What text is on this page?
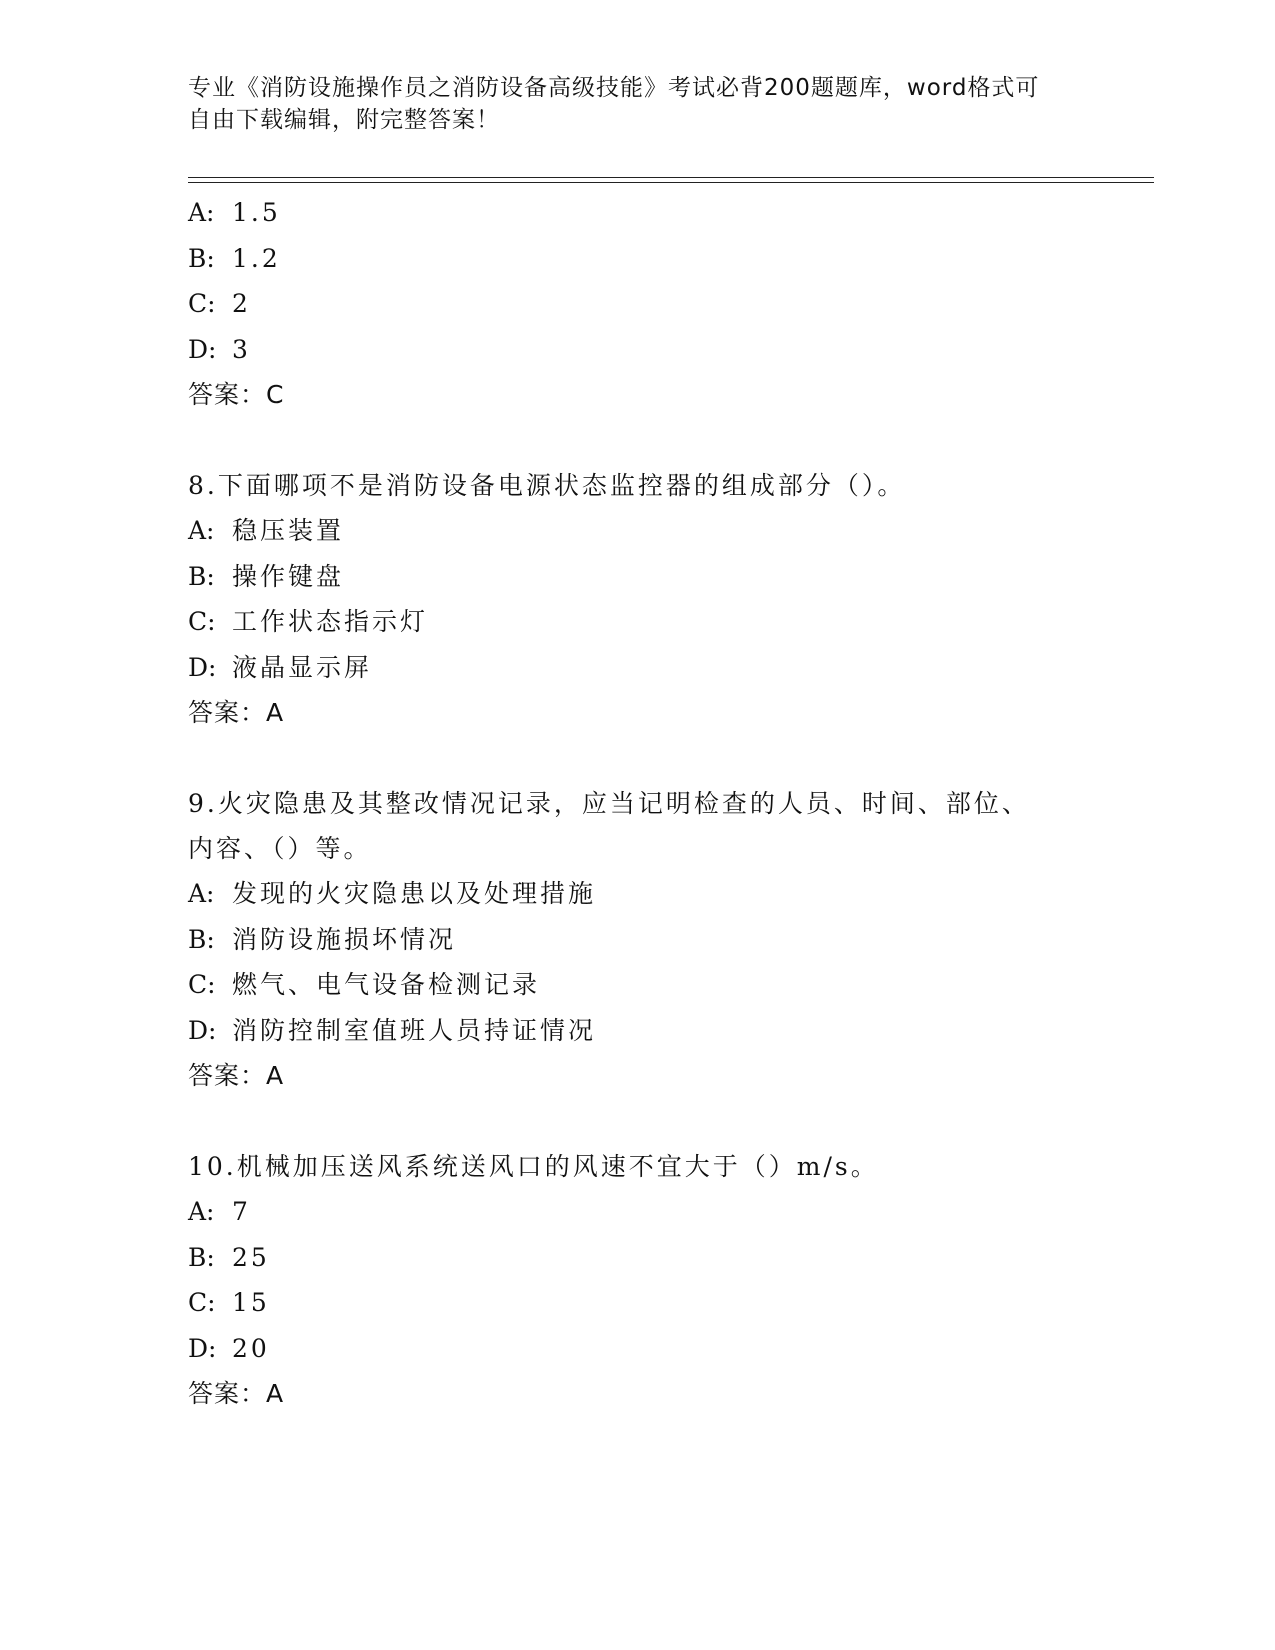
专业《消防设施操作员之消防设备高级技能》考试必背200题题库，word格式可
自由下载编辑，附完整答案！
A: 1.5
B: 1.2
C: 2
D: 3
答案：C
8.下面哪项不是消防设备电源状态监控器的组成部分（）。
A: 稳压装置
B: 操作键盘
C: 工作状态指示灯
D: 液晶显示屏
答案：A
9.火灾隐患及其整改情况记录，应当记明检查的人员、时间、部位、
内容、（）等。
A: 发现的火灾隐患以及处理措施
B: 消防设施损坏情况
C: 燃气、电气设备检测记录
D: 消防控制室值班人员持证情况
答案：A
10.机械加压送风系统送风口的风速不宜大于（）m/s。
A: 7
B: 25
C: 15
D: 20
答案：A
